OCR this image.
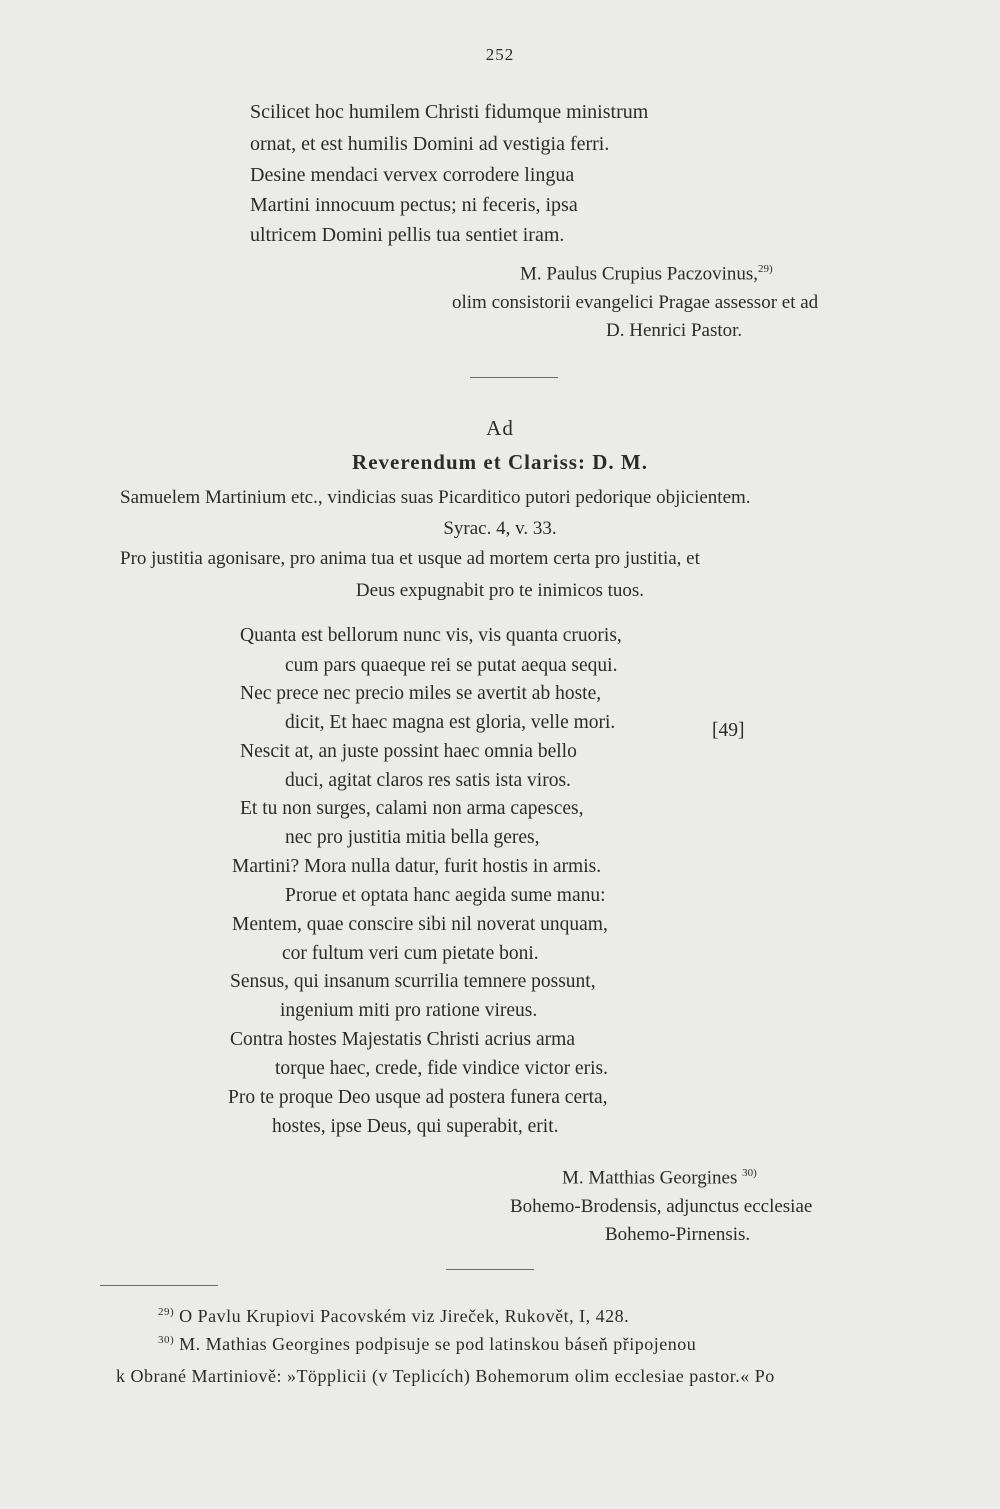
252
Scilicet hoc humilem Christi fidumque ministrum
ornat, et est humilis Domini ad vestigia ferri.
Desine mendaci vervex corrodere lingua
Martini innocuum pectus; ni feceris, ipsa
ultricem Domini pellis tua sentiet iram.
M. Paulus Crupius Paczovinus,$^{29)}$
olim consistorii evangelici Pragae assessor et ad
D. Henrici Pastor.
Ad
Reverendum et Clariss: D. M.
Samuelem Martinium etc., vindicias suas Picarditico putori pedorique objicientem.
Syrac. 4, v. 33.
Pro justitia agonisare, pro anima tua et usque ad mortem certa pro justitia, et
Deus expugnabit pro te inimicos tuos.
Quanta est bellorum nunc vis, vis quanta cruoris,
cum pars quaeque rei se putat aequa sequi.
Nec prece nec precio miles se avertit ab hoste,
dicit, Et haec magna est gloria, velle mori.	[49]
Nescit at, an juste possint haec omnia bello
duci, agitat claros res satis ista viros.
Et tu non surges, calami non arma capesces,
nec pro justitia mitia bella geres,
Martini? Mora nulla datur, furit hostis in armis.
Prorue et optata hanc aegida sume manu:
Mentem, quae conscire sibi nil noverat unquam,
cor fultum veri cum pietate boni.
Sensus, qui insanum scurrilia temnere possunt,
ingenium miti pro ratione vireus.
Contra hostes Majestatis Christi acrius arma
torque haec, crede, fide vindice victor eris.
Pro te proque Deo usque ad postera funera certa,
hostes, ipse Deus, qui superabit, erit.
M. Matthias Georgines $^{30)}$
Bohemo-Brodensis, adjunctus ecclesiae
Bohemo-Pirnensis.
$^{29)}$ O Pavlu Krupiovi Pacovském viz Jireček, Rukovět, I, 428.
$^{30)}$ M. Mathias Georgines podpisuje se pod latinskou báseň připojenou
k Obrané Martiniově: »Töpplicii (v Teplicích) Bohemorum olim ecclesiae pastor.« Po
